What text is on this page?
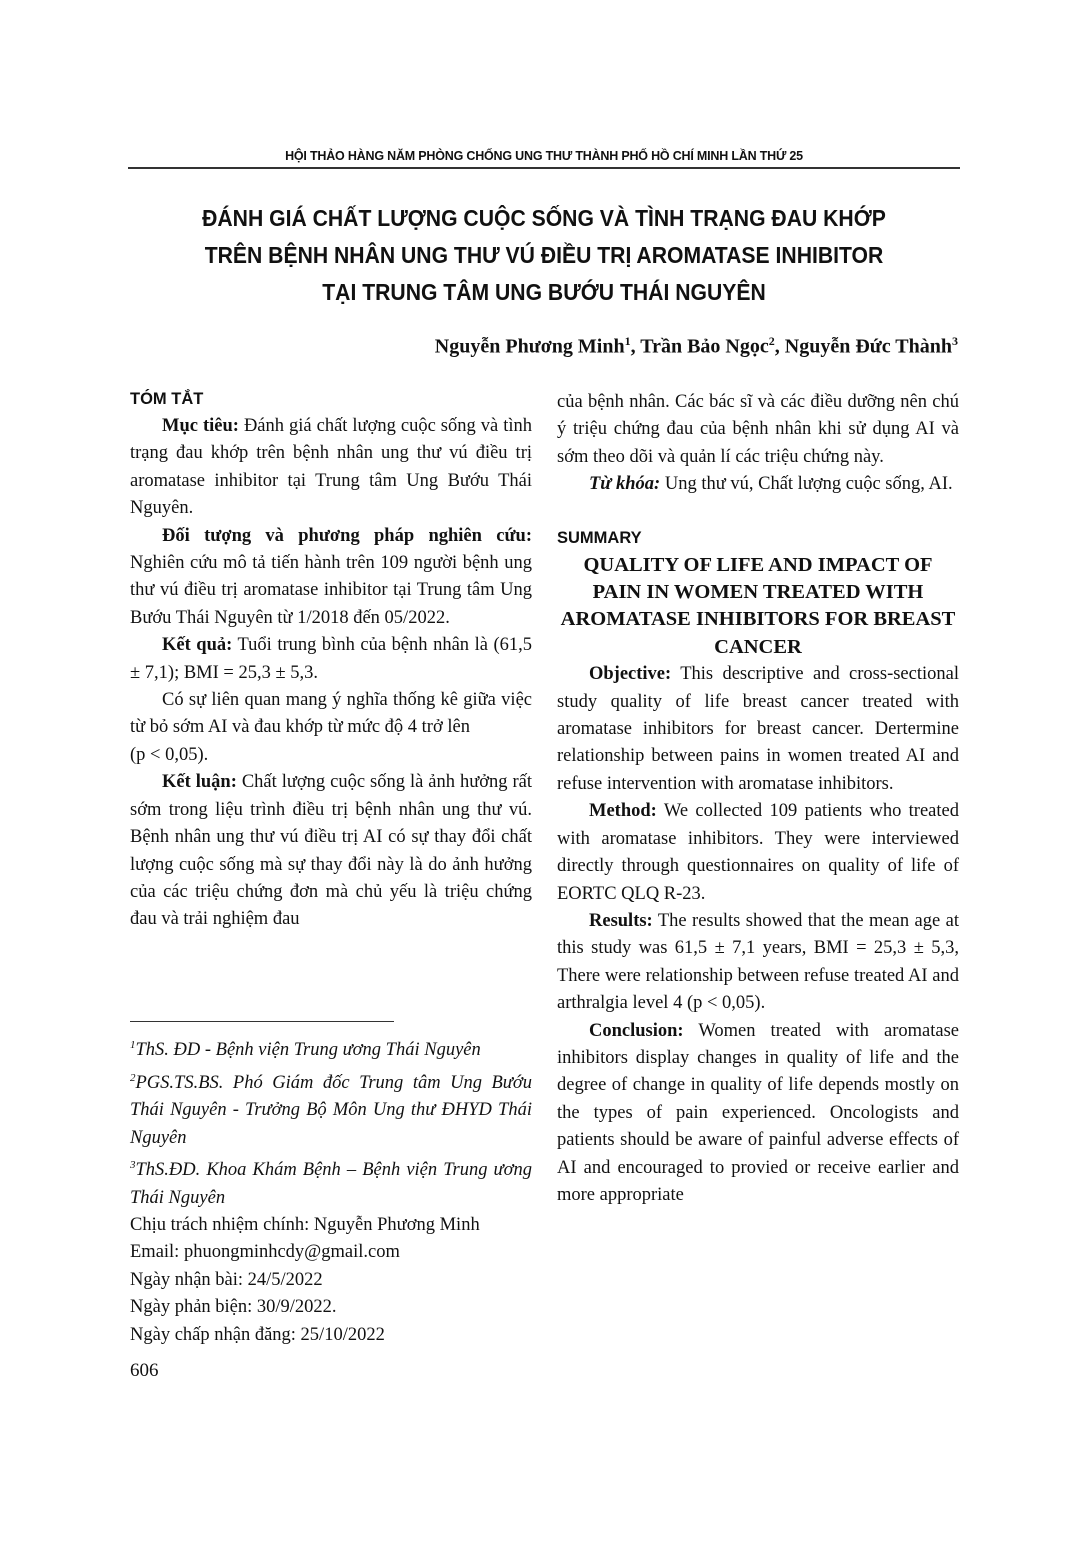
HỘI THẢO HÀNG NĂM PHÒNG CHỐNG UNG THƯ THÀNH PHỐ HỒ CHÍ MINH LẦN THỨ 25
ĐÁNH GIÁ CHẤT LƯỢNG CUỘC SỐNG VÀ TÌNH TRẠNG ĐAU KHỚP
TRÊN BỆNH NHÂN UNG THƯ VÚ ĐIỀU TRỊ AROMATASE INHIBITOR
TẠI TRUNG TÂM UNG BƯỚU THÁI NGUYÊN
Nguyễn Phương Minh$^1$, Trần Bảo Ngọc$^2$, Nguyễn Đức Thành$^3$
TÓM TẮT

Mục tiêu: Đánh giá chất lượng cuộc sống và tình trạng đau khớp trên bệnh nhân ung thư vú điều trị aromatase inhibitor tại Trung tâm Ung Bướu Thái Nguyên.

Đối tượng và phương pháp nghiên cứu: Nghiên cứu mô tả tiến hành trên 109 người bệnh ung thư vú điều trị aromatase inhibitor tại Trung tâm Ung Bướu Thái Nguyên từ 1/2018 đến 05/2022.

Kết quả: Tuổi trung bình của bệnh nhân là (61,5 ± 7,1); BMI = 25,3 ± 5,3.

Có sự liên quan mang ý nghĩa thống kê giữa việc từ bỏ sớm AI và đau khớp từ mức độ 4 trở lên

(p < 0,05).

Kết luận: Chất lượng cuộc sống là ảnh hưởng rất sớm trong liệu trình điều trị bệnh nhân ung thư vú. Bệnh nhân ung thư vú điều trị AI có sự thay đổi chất lượng cuộc sống mà sự thay đổi này là do ảnh hưởng của các triệu chứng đơn mà chủ yếu là triệu chứng đau và trải nghiệm đau

$^1$ThS. ĐD - Bệnh viện Trung ương Thái Nguyên

$^2$PGS.TS.BS. Phó Giám đốc Trung tâm Ung Bướu Thái Nguyên - Trưởng Bộ Môn Ung thư ĐHYD Thái Nguyên

$^3$ThS.ĐD. Khoa Khám Bệnh – Bệnh viện Trung ương Thái Nguyên

Chịu trách nhiệm chính: Nguyễn Phương Minh

Email: phuongminhcdy@gmail.com

Ngày nhận bài: 24/5/2022

Ngày phản biện: 30/9/2022.

Ngày chấp nhận đăng: 25/10/2022

của bệnh nhân. Các bác sĩ và các điều dưỡng nên chú ý triệu chứng đau của bệnh nhân khi sử dụng AI và sớm theo dõi và quản lí các triệu chứng này.

Từ khóa: Ung thư vú, Chất lượng cuộc sống, AI.

SUMMARY
QUALITY OF LIFE AND IMPACT OF PAIN IN WOMEN TREATED WITH AROMATASE INHIBITORS FOR BREAST CANCER

Objective: This descriptive and cross-sectional study quality of life breast cancer treated with aromatase inhibitors for breast cancer. Dertermine relationship between pains in women treated AI and refuse intervention with aromatase inhibitors.

Method: We collected 109 patients who treated with aromatase inhibitors. They were interviewed directly through questionnaires on quality of life of EORTC QLQ R-23.

Results: The results showed that the mean age at this study was 61,5 ± 7,1 years, BMI = 25,3 ± 5,3, There were relationship between refuse treated AI and arthralgia level 4 (p < 0,05).

Conclusion: Women treated with aromatase inhibitors display changes in quality of life and the degree of change in quality of life depends mostly on the types of pain experienced. Oncologists and patients should be aware of painful adverse effects of AI and encouraged to provied or receive earlier and more appropriate

606
